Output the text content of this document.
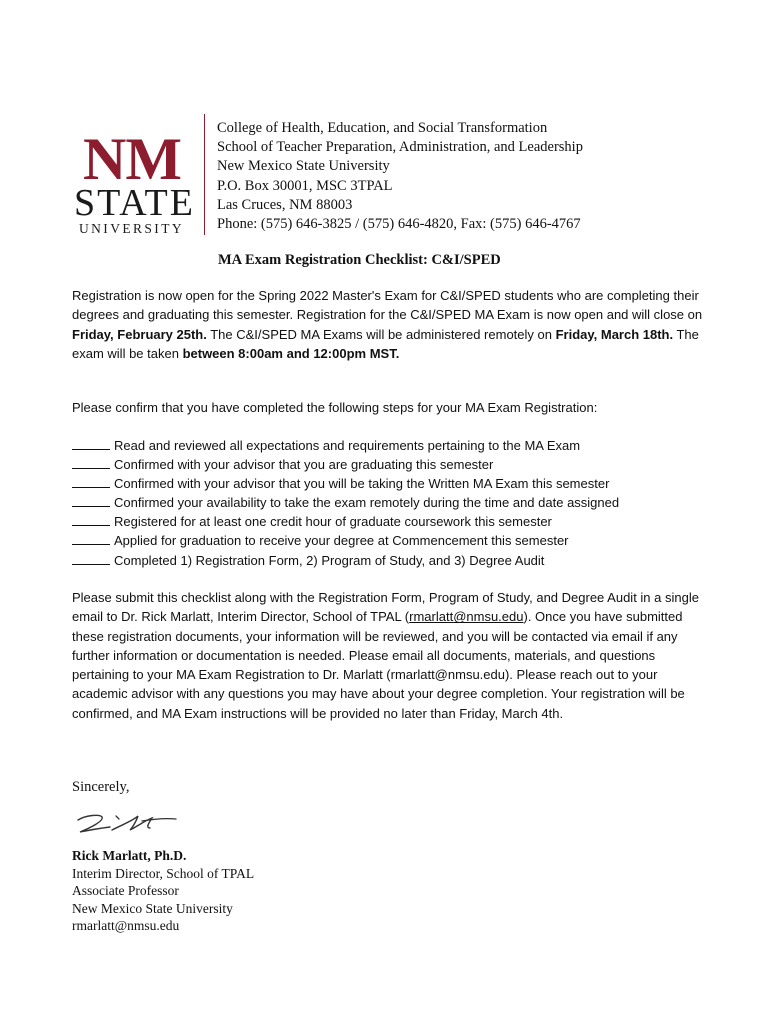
NM
STATE
UNIVERSITY
College of Health, Education, and Social Transformation
School of Teacher Preparation, Administration, and Leadership
New Mexico State University
P.O. Box 30001, MSC 3TPAL
Las Cruces, NM 88003
Phone: (575) 646-3825 / (575) 646-4820, Fax: (575) 646-4767
MA Exam Registration Checklist: C&I/SPED
Registration is now open for the Spring 2022 Master's Exam for C&I/SPED students who are completing their degrees and graduating this semester. Registration for the C&I/SPED MA Exam is now open and will close on Friday, February 25th. The C&I/SPED MA Exams will be administered remotely on Friday, March 18th. The exam will be taken between 8:00am and 12:00pm MST.
Please confirm that you have completed the following steps for your MA Exam Registration:
Read and reviewed all expectations and requirements pertaining to the MA Exam
Confirmed with your advisor that you are graduating this semester
Confirmed with your advisor that you will be taking the Written MA Exam this semester
Confirmed your availability to take the exam remotely during the time and date assigned
Registered for at least one credit hour of graduate coursework this semester
Applied for graduation to receive your degree at Commencement this semester
Completed 1) Registration Form, 2) Program of Study, and 3) Degree Audit
Please submit this checklist along with the Registration Form, Program of Study, and Degree Audit in a single email to Dr. Rick Marlatt, Interim Director, School of TPAL (rmarlatt@nmsu.edu). Once you have submitted these registration documents, your information will be reviewed, and you will be contacted via email if any further information or documentation is needed. Please email all documents, materials, and questions pertaining to your MA Exam Registration to Dr. Marlatt (rmarlatt@nmsu.edu). Please reach out to your academic advisor with any questions you may have about your degree completion. Your registration will be confirmed, and MA Exam instructions will be provided no later than Friday, March 4th.
Sincerely,
Rick Marlatt, Ph.D.
Interim Director, School of TPAL
Associate Professor
New Mexico State University
rmarlatt@nmsu.edu
